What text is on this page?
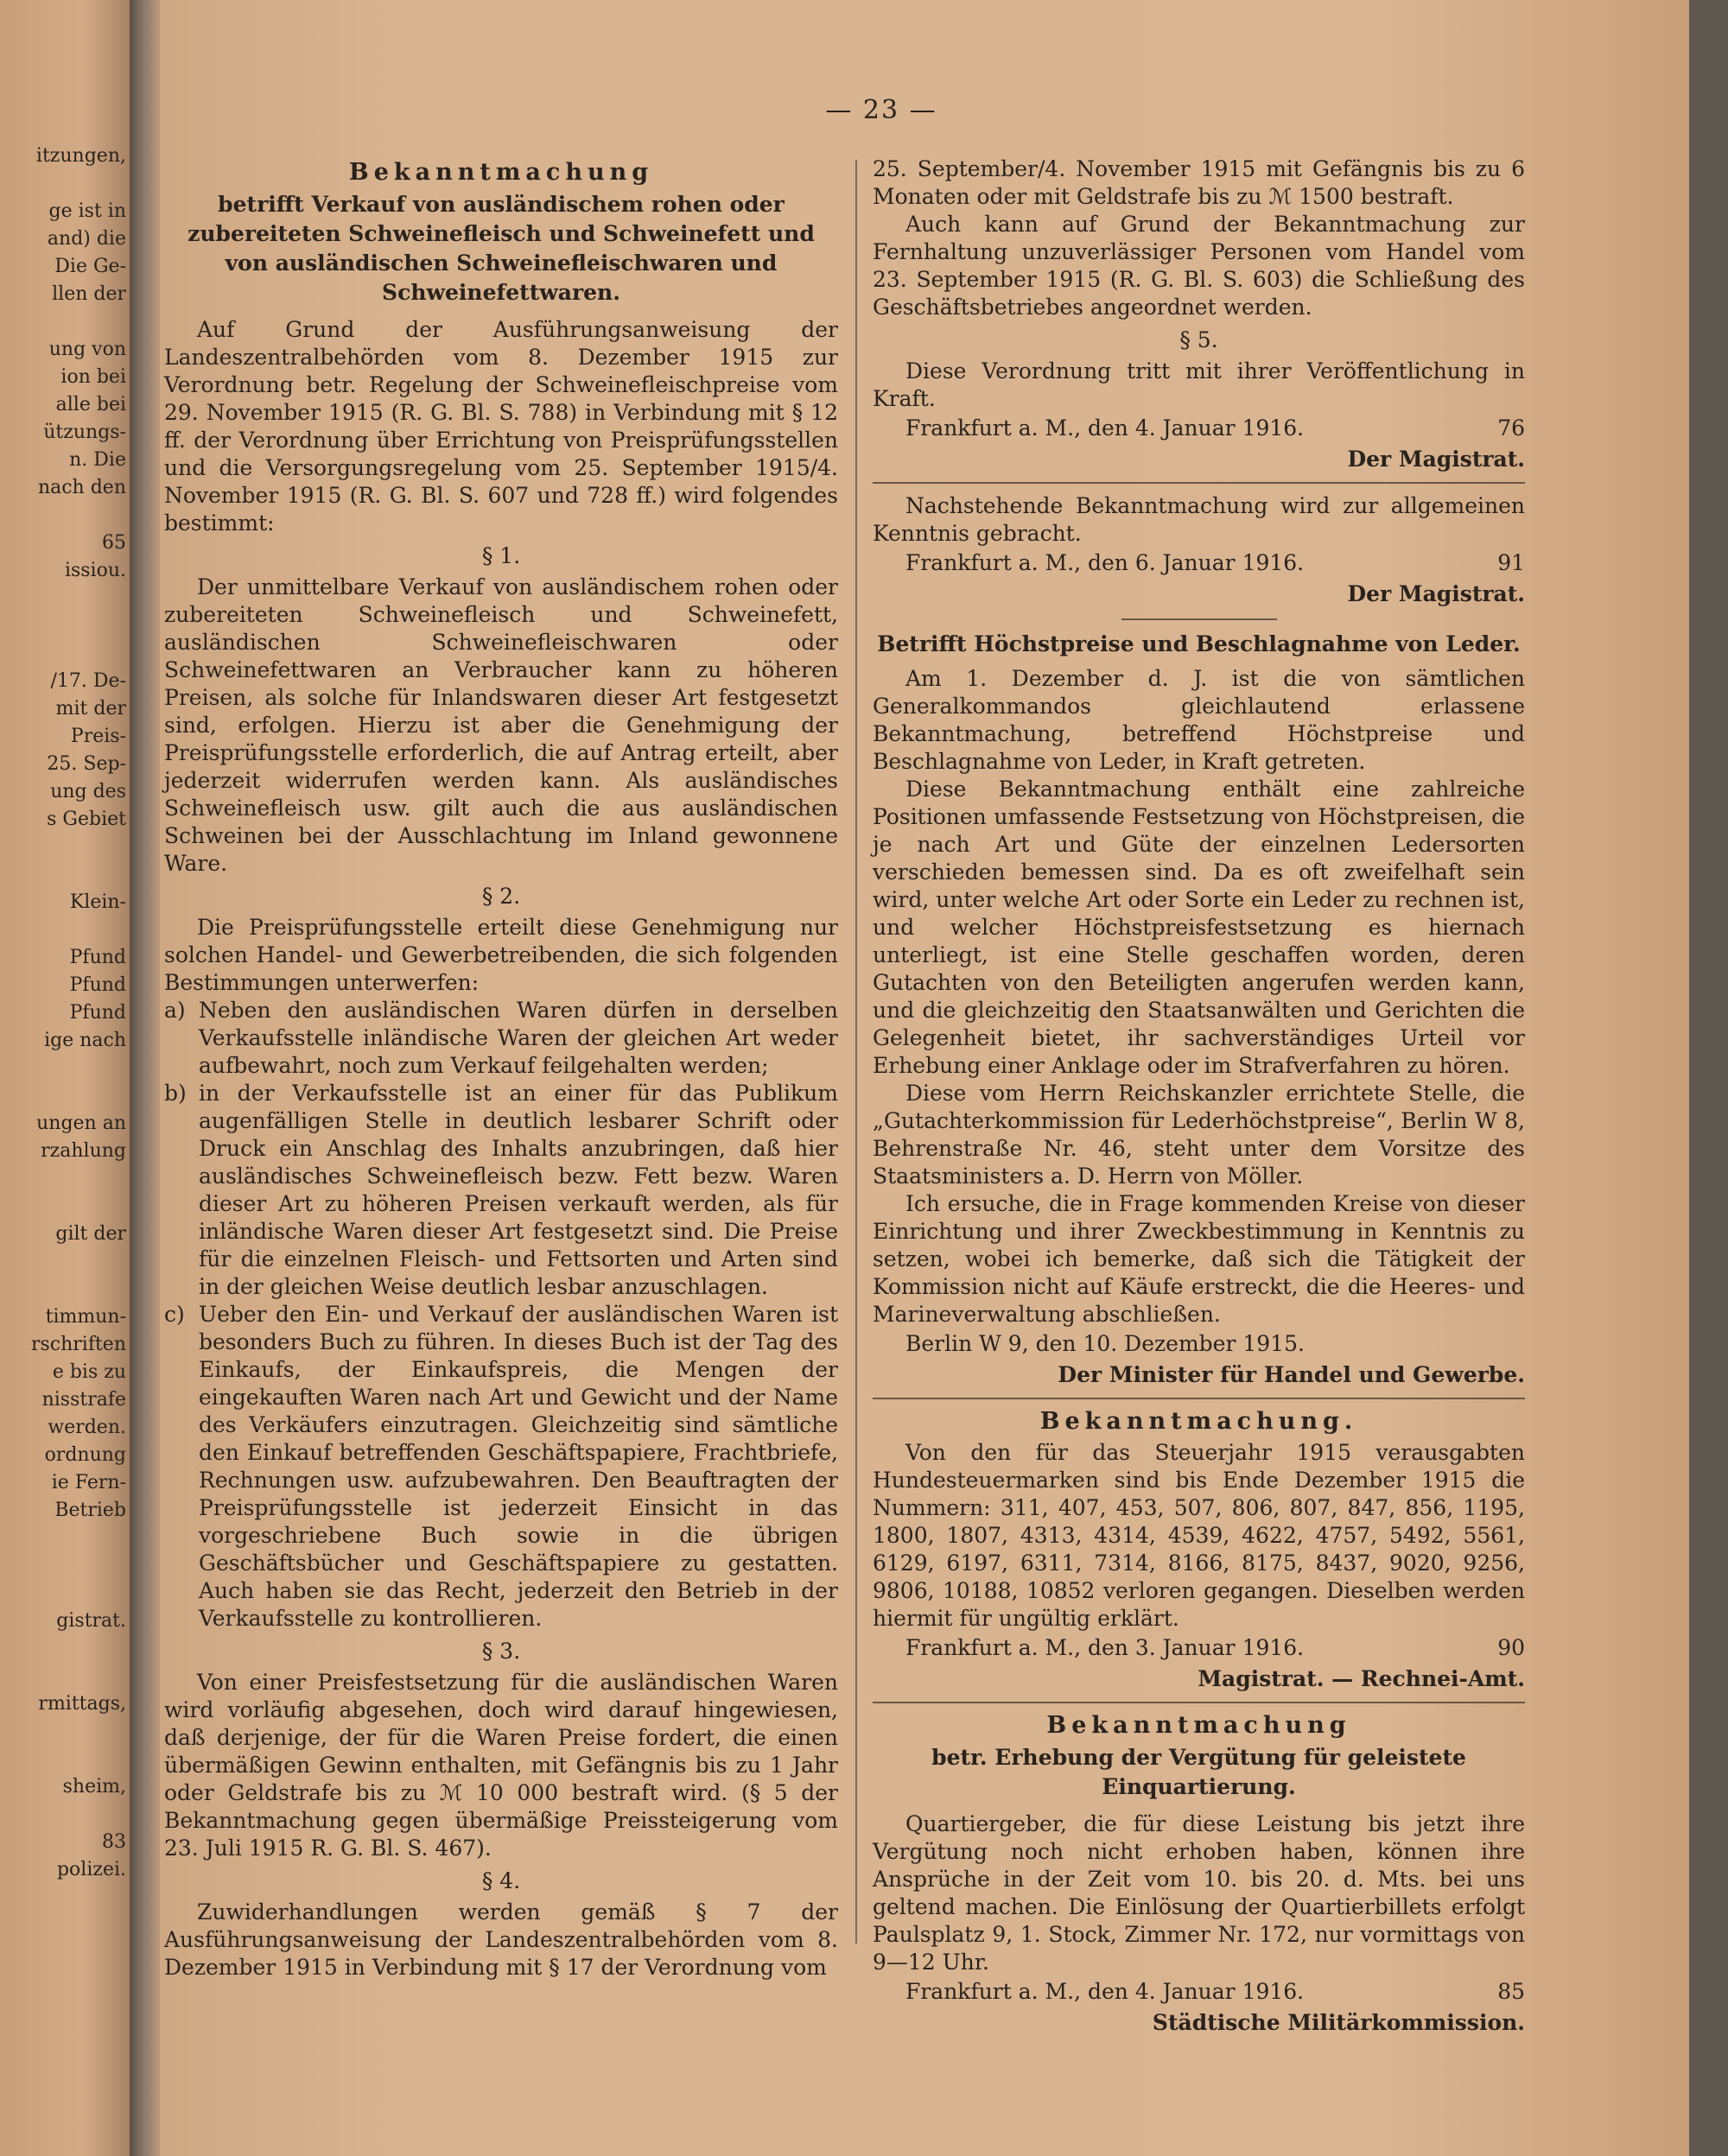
itzungen,
ge ist in
and) die
Die Ge-
llen der
ung von
ion bei
alle bei
ützungs-
n. Die
nach den
65
issiou.
/17. De-
mit der
Preis-
25. Sep-
ung des
s Gebiet
Klein-
Pfund
Pfund
Pfund
ige nach
ungen an
rzahlung
gilt der
timmun-
rschriften
e bis zu
nisstrafe
werden.
ordnung
ie Fern-
Betrieb
gistrat.
rmittags,
sheim,
83
polizei.
— 23 —
Bekanntmachung
betrifft Verkauf von ausländischem rohen oder zubereiteten Schweinefleisch und Schweinefett und von ausländischen Schweinefleischwaren und Schweinefettwaren.

Auf Grund der Ausführungsanweisung der Landeszentralbehörden vom 8. Dezember 1915 zur Verordnung betr. Regelung der Schweinefleischpreise vom 29. November 1915 (R. G. Bl. S. 788) in Verbindung mit § 12 ff. der Verordnung über Errichtung von Preisprüfungsstellen und die Versorgungsregelung vom 25. September 1915/4. November 1915 (R. G. Bl. S. 607 und 728 ff.) wird folgendes bestimmt:

§ 1.

Der unmittelbare Verkauf von ausländischem rohen oder zubereiteten Schweinefleisch und Schweinefett, ausländischen Schweinefleischwaren oder Schweinefettwaren an Verbraucher kann zu höheren Preisen, als solche für Inlandswaren dieser Art festgesetzt sind, erfolgen. Hierzu ist aber die Genehmigung der Preisprüfungsstelle erforderlich, die auf Antrag erteilt, aber jederzeit widerrufen werden kann. Als ausländisches Schweinefleisch usw. gilt auch die aus ausländischen Schweinen bei der Ausschlachtung im Inland gewonnene Ware.

§ 2.

Die Preisprüfungsstelle erteilt diese Genehmigung nur solchen Handel- und Gewerbetreibenden, die sich folgenden Bestimmungen unterwerfen:

a) Neben den ausländischen Waren dürfen in derselben Verkaufsstelle inländische Waren der gleichen Art weder aufbewahrt, noch zum Verkauf feilgehalten werden;
b) in der Verkaufsstelle ist an einer für das Publikum augenfälligen Stelle in deutlich lesbarer Schrift oder Druck ein Anschlag des Inhalts anzubringen, daß hier ausländisches Schweinefleisch bezw. Fett bezw. Waren dieser Art zu höheren Preisen verkauft werden, als für inländische Waren dieser Art festgesetzt sind. Die Preise für die einzelnen Fleisch- und Fettsorten und Arten sind in der gleichen Weise deutlich lesbar anzuschlagen.
c) Ueber den Ein- und Verkauf der ausländischen Waren ist besonders Buch zu führen. In dieses Buch ist der Tag des Einkaufs, der Einkaufspreis, die Mengen der eingekauften Waren nach Art und Gewicht und der Name des Verkäufers einzutragen. Gleichzeitig sind sämtliche den Einkauf betreffenden Geschäftspapiere, Frachtbriefe, Rechnungen usw. aufzubewahren. Den Beauftragten der Preisprüfungsstelle ist jederzeit Einsicht in das vorgeschriebene Buch sowie in die übrigen Geschäftsbücher und Geschäftspapiere zu gestatten. Auch haben sie das Recht, jederzeit den Betrieb in der Verkaufsstelle zu kontrollieren.
§ 3.

Von einer Preisfestsetzung für die ausländischen Waren wird vorläufig abgesehen, doch wird darauf hingewiesen, daß derjenige, der für die Waren Preise fordert, die einen übermäßigen Gewinn enthalten, mit Gefängnis bis zu 1 Jahr oder Geldstrafe bis zu ℳ 10 000 bestraft wird. (§ 5 der Bekanntmachung gegen übermäßige Preissteigerung vom 23. Juli 1915 R. G. Bl. S. 467).

§ 4.

Zuwiderhandlungen werden gemäß § 7 der Ausführungsanweisung der Landeszentralbehörden vom 8. Dezember 1915 in Verbindung mit § 17 der Verordnung vom

25. September/4. November 1915 mit Gefängnis bis zu 6 Monaten oder mit Geldstrafe bis zu ℳ 1500 bestraft.

Auch kann auf Grund der Bekanntmachung zur Fernhaltung unzuverlässiger Personen vom Handel vom 23. September 1915 (R. G. Bl. S. 603) die Schließung des Geschäftsbetriebes angeordnet werden.

§ 5.

Diese Verordnung tritt mit ihrer Veröffentlichung in Kraft.

Frankfurt a. M., den 4. Januar 1916.	76
Der Magistrat.

Nachstehende Bekanntmachung wird zur allgemeinen Kenntnis gebracht.

Frankfurt a. M., den 6. Januar 1916.	91
Der Magistrat.
Betrifft Höchstpreise und Beschlagnahme von Leder.

Am 1. Dezember d. J. ist die von sämtlichen Generalkommandos gleichlautend erlassene Bekanntmachung, betreffend Höchstpreise und Beschlagnahme von Leder, in Kraft getreten.

Diese Bekanntmachung enthält eine zahlreiche Positionen umfassende Festsetzung von Höchstpreisen, die je nach Art und Güte der einzelnen Ledersorten verschieden bemessen sind. Da es oft zweifelhaft sein wird, unter welche Art oder Sorte ein Leder zu rechnen ist, und welcher Höchstpreisfestsetzung es hiernach unterliegt, ist eine Stelle geschaffen worden, deren Gutachten von den Beteiligten angerufen werden kann, und die gleichzeitig den Staatsanwälten und Gerichten die Gelegenheit bietet, ihr sachverständiges Urteil vor Erhebung einer Anklage oder im Strafverfahren zu hören.

Diese vom Herrn Reichskanzler errichtete Stelle, die „Gutachterkommission für Lederhöchstpreise“, Berlin W 8, Behrenstraße Nr. 46, steht unter dem Vorsitze des Staatsministers a. D. Herrn von Möller.

Ich ersuche, die in Frage kommenden Kreise von dieser Einrichtung und ihrer Zweckbestimmung in Kenntnis zu setzen, wobei ich bemerke, daß sich die Tätigkeit der Kommission nicht auf Käufe erstreckt, die die Heeres- und Marineverwaltung abschließen.

Berlin W 9, den 10. Dezember 1915.
Der Minister für Handel und Gewerbe.
Bekanntmachung.

Von den für das Steuerjahr 1915 verausgabten Hundesteuermarken sind bis Ende Dezember 1915 die Nummern: 311, 407, 453, 507, 806, 807, 847, 856, 1195, 1800, 1807, 4313, 4314, 4539, 4622, 4757, 5492, 5561, 6129, 6197, 6311, 7314, 8166, 8175, 8437, 9020, 9256, 9806, 10188, 10852 verloren gegangen. Dieselben werden hiermit für ungültig erklärt.

Frankfurt a. M., den 3. Januar 1916.	90
Magistrat. — Rechnei-Amt.
Bekanntmachung
betr. Erhebung der Vergütung für geleistete Einquartierung.

Quartiergeber, die für diese Leistung bis jetzt ihre Vergütung noch nicht erhoben haben, können ihre Ansprüche in der Zeit vom 10. bis 20. d. Mts. bei uns geltend machen. Die Einlösung der Quartierbillets erfolgt Paulsplatz 9, 1. Stock, Zimmer Nr. 172, nur vormittags von 9—12 Uhr.

Frankfurt a. M., den 4. Januar 1916.	85
Städtische Militärkommission.
